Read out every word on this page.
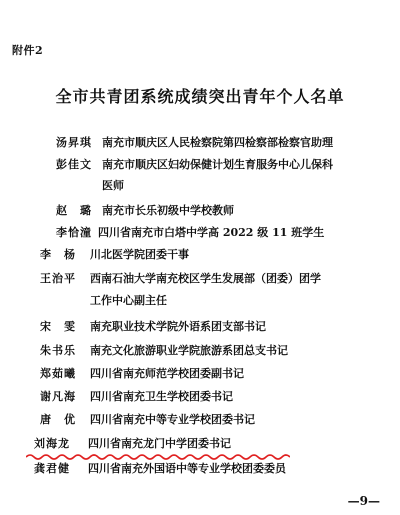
附件2
全市共青团系统成绩突出青年个人名单
汤昇琪 南充市顺庆区人民检察院第四检察部检察官助理
彭佳文 南充市顺庆区妇幼保健计划生育服务中心儿保科
医师
赵　璐 南充市长乐初级中学校教师
李恰潼 四川省南充市白塔中学高 2022 级 11 班学生
李　杨 川北医学院团委干事
王治平 西南石油大学南充校区学生发展部（团委）团学
工作中心副主任
宋　雯 南充职业技术学院外语系团支部书记
朱书乐 南充文化旅游职业学院旅游系团总支书记
郑茹曦 四川省南充师范学校团委副书记
谢凡海 四川省南充卫生学校团委书记
唐　优 四川省南充中等专业学校团委书记
刘海龙 四川省南充龙门中学团委书记
龚君健 四川省南充外国语中等专业学校团委委员
—9—
